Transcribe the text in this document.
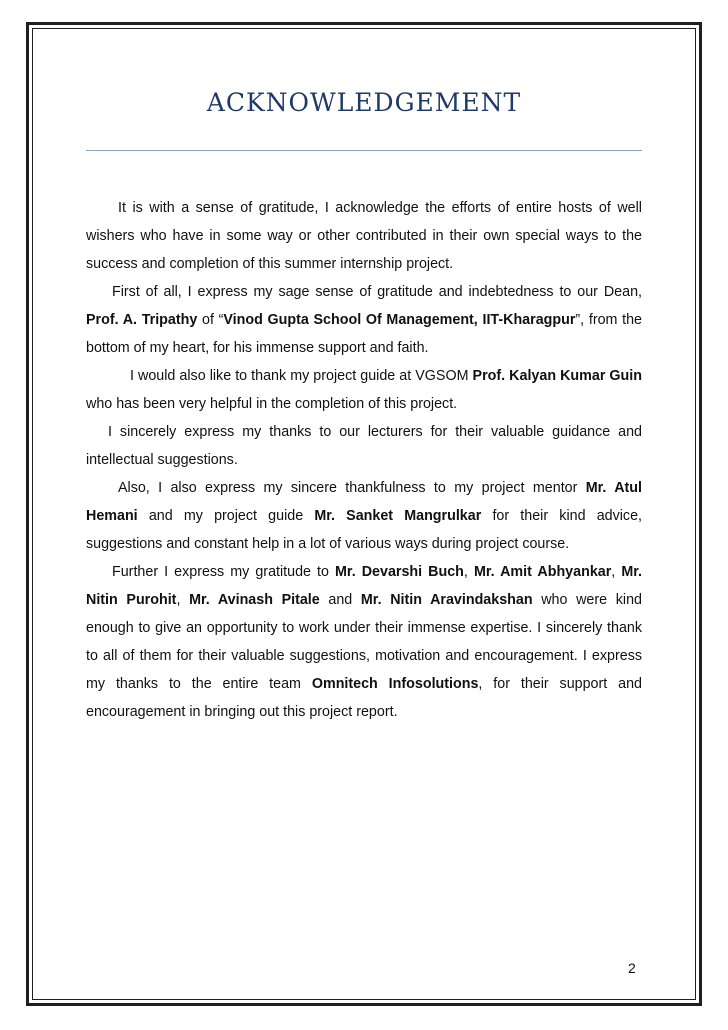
ACKNOWLEDGEMENT

It is with a sense of gratitude, I acknowledge the efforts of entire hosts of well wishers who have in some way or other contributed in their own special ways to the success and completion of this summer internship project.

First of all, I express my sage sense of gratitude and indebtedness to our Dean, Prof. A. Tripathy of “Vinod Gupta School Of Management, IIT-Kharagpur”, from the bottom of my heart, for his immense support and faith.

I would also like to thank my project guide at VGSOM Prof. Kalyan Kumar Guin who has been very helpful in the completion of this project.

I sincerely express my thanks to our lecturers for their valuable guidance and intellectual suggestions.

Also, I also express my sincere thankfulness to my project mentor Mr. Atul Hemani and my project guide Mr. Sanket Mangrulkar for their kind advice, suggestions and constant help in a lot of various ways during project course.

Further I express my gratitude to Mr. Devarshi Buch, Mr. Amit Abhyankar, Mr. Nitin Purohit, Mr. Avinash Pitale and Mr. Nitin Aravindakshan who were kind enough to give an opportunity to work under their immense expertise. I sincerely thank to all of them for their valuable suggestions, motivation and encouragement. I express my thanks to the entire team Omnitech Infosolutions, for their support and encouragement in bringing out this project report.

2
